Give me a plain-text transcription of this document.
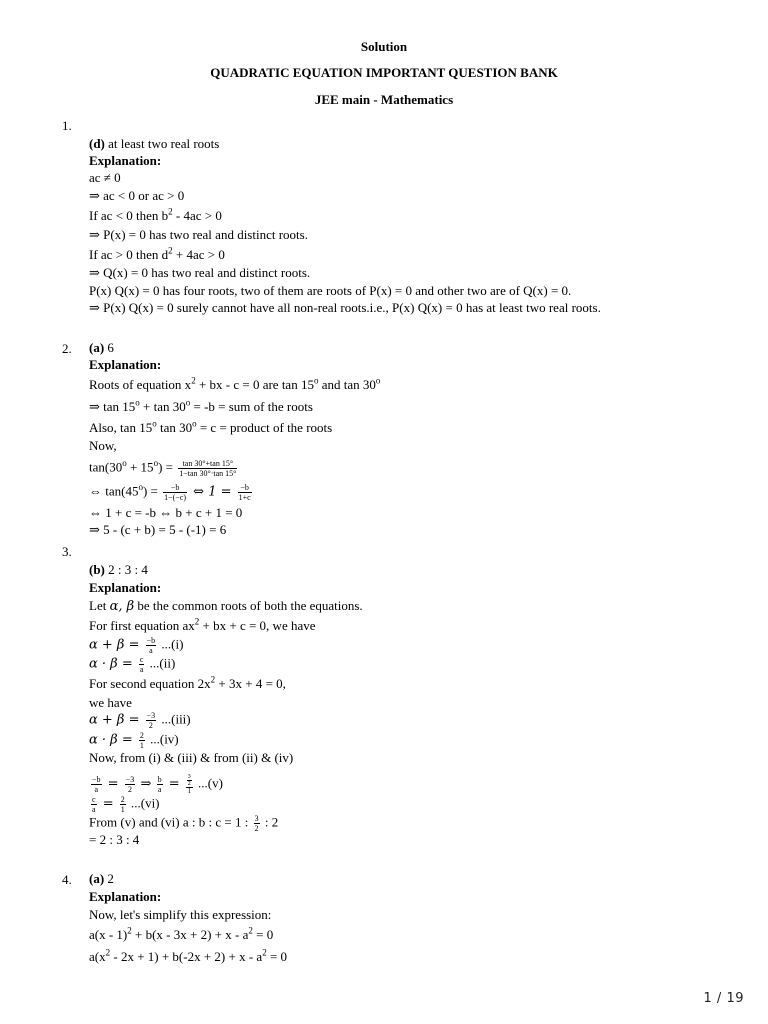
Solution
QUADRATIC EQUATION IMPORTANT QUESTION BANK
JEE main - Mathematics
1.
(d) at least two real roots
Explanation:
ac ≠ 0
⇒ ac < 0 or ac > 0
If ac < 0 then $b^2 - 4ac > 0$
⇒ P(x) = 0 has two real and distinct roots.
If ac > 0 then $d^2 + 4ac > 0$
⇒ Q(x) = 0 has two real and distinct roots.
P(x) Q(x) = 0 has four roots, two of them are roots of P(x) = 0 and other two are of Q(x) = 0.
⇒ P(x) Q(x) = 0 surely cannot have all non-real roots.i.e., P(x) Q(x) = 0 has at least two real roots.
2. (a) 6
Explanation:
Roots of equation $x^2$ + bx - c = 0 are tan 15$^o$ and tan 30$^o$
⇒ $\tan 15^o + \tan 30^o = -b$ = sum of the roots
Also, tan 15$^o$ $\tan 30^o = c$ = product of the roots
Now,
$\tan(30^o + 15^o) = \frac{\tan 30^\circ+\tan 15^\circ}{1-\tan 30^\circ\cdot\tan 15^\circ}$
⇔ $\tan(45^o) = \frac{-b}{1-(-c)}$ ⇔ $1 = \frac{-b}{1+c}$
⇔ 1 + c = -b ⇔ b + c + 1 = 0
⇒ 5 - (c + b) = 5 - (-1) = 6
3.
(b) 2 : 3 : 4
Explanation:
Let α, β be the common roots of both the equations.
For first equation $ax^2$ + bx + c = 0, we have
$\alpha + \beta = \frac{-b}{a} ...(i)$
$\alpha \cdot \beta = \frac{c}{a} ...(ii)$
For second equation $2x^2 + 3x + 4 = 0$,
we have
$\alpha + \beta = \frac{-3}{2} ...(iii)$
$\alpha \cdot \beta = \frac{2}{1} ...(iv)$
Now, from (i) & (iii) & from (ii) & (iv)
$\frac{-b}{a} = \frac{-3}{2}$ ⇒ $\frac{b}{a} = \frac{\frac{3}{2}}{1} ...(v)$
$\frac{c}{a} = \frac{2}{1} ...(vi)$
From (v) and (vi) a : b : c = 1 : $\frac{3}{2}$ : 2
= 2 : 3 : 4
4. (a) 2
Explanation:
Now, let's simplify this expression:
$a(x - 1)^2 + b(x - 3x + 2) + x - a^2 = 0$
$a(x^2 - 2x + 1) + b(-2x + 2) + x - a^2 = 0$
1 / 19
